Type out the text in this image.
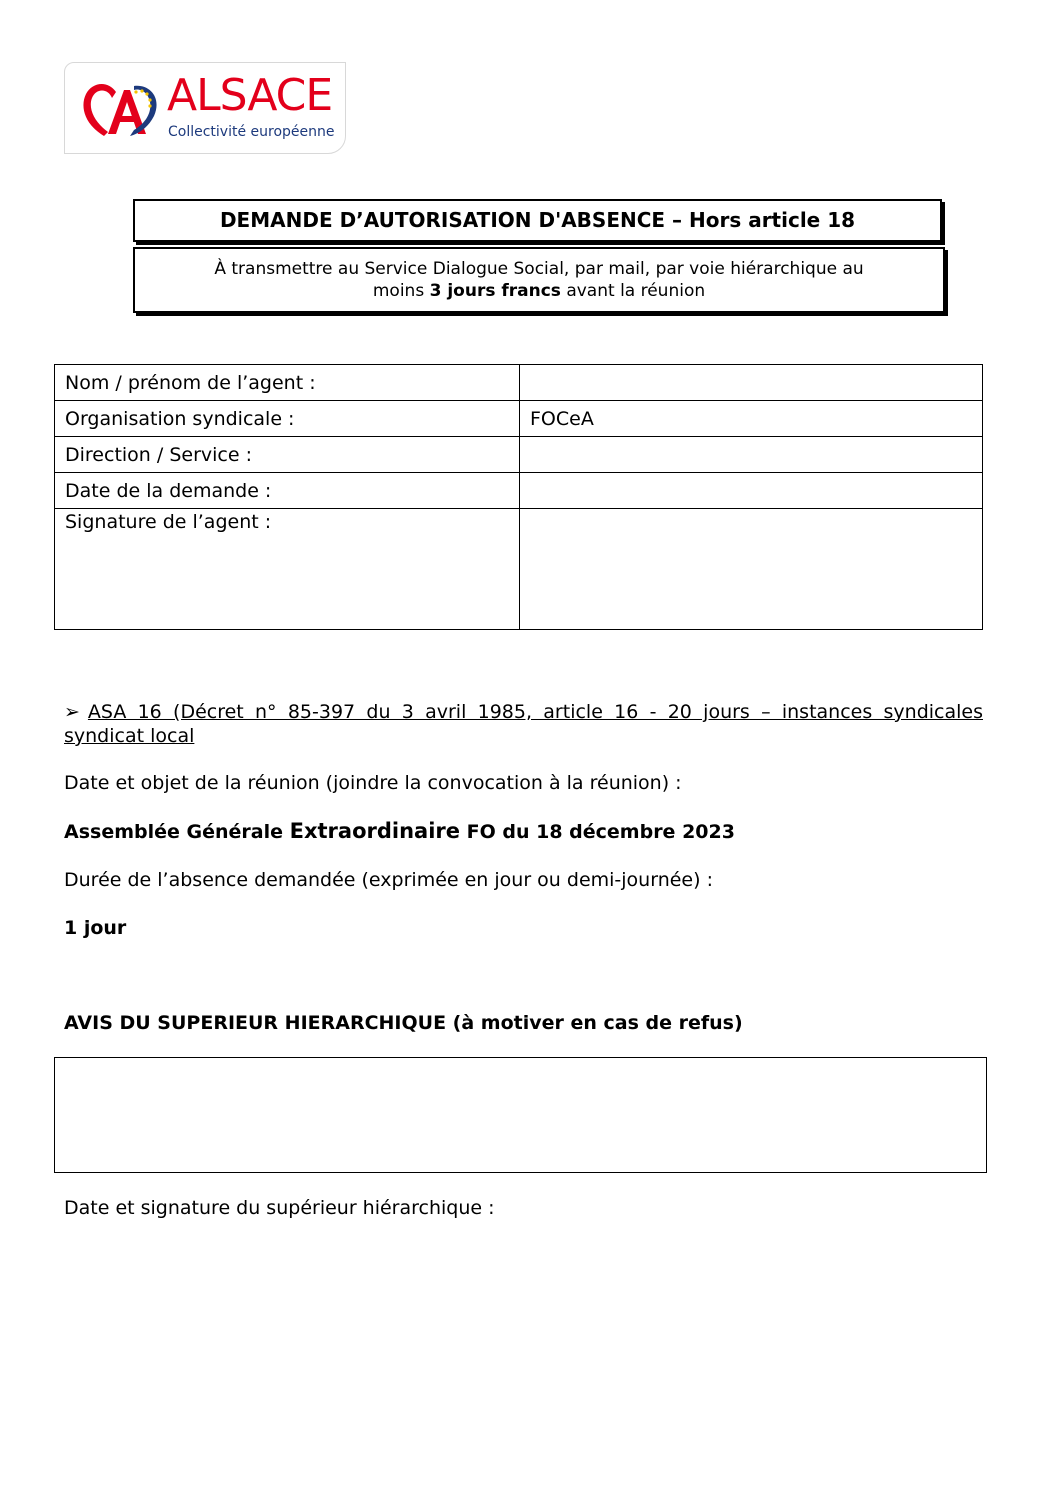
ALSACE
Collectivité européenne
DEMANDE D’AUTORISATION D'ABSENCE – Hors article 18
À transmettre au Service Dialogue Social, par mail, par voie hiérarchique au
moins 3 jours francs avant la réunion
Nom / prénom de l’agent :	
Organisation syndicale :	FOCeA
Direction / Service :	
Date de la demande :	
Signature de l’agent :	
➢ ASA 16 (Décret n° 85-397 du 3 avril 1985, article 16 - 20 jours – instances syndicales syndicat local
Date et objet de la réunion (joindre la convocation à la réunion) :
Assemblée Générale Extraordinaire FO du 18 décembre 2023
Durée de l’absence demandée (exprimée en jour ou demi-journée) :
1 jour
AVIS DU SUPERIEUR HIERARCHIQUE (à motiver en cas de refus)
Date et signature du supérieur hiérarchique :
